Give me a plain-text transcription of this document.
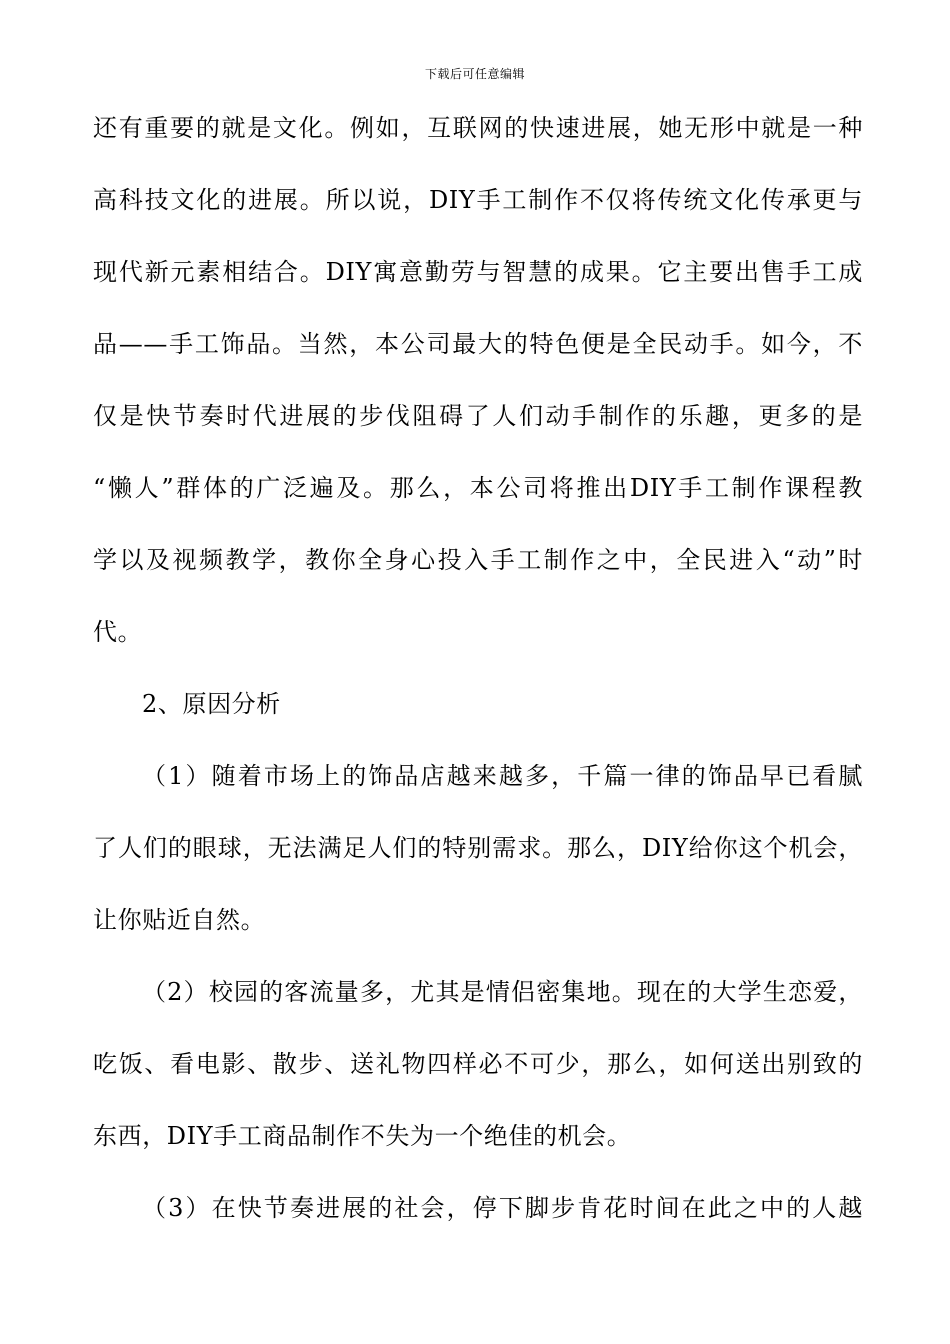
下载后可任意编辑
还有重要的就是文化。例如，互联网的快速进展，她无形中就是一种
高科技文化的进展。所以说，DIY手工制作不仅将传统文化传承更与
现代新元素相结合。DIY寓意勤劳与智慧的成果。它主要出售手工成
品——手工饰品。当然，本公司最大的特色便是全民动手。如今，不
仅是快节奏时代进展的步伐阻碍了人们动手制作的乐趣，更多的是
“懒人”群体的广泛遍及。那么，本公司将推出DIY手工制作课程教
学以及视频教学，教你全身心投入手工制作之中，全民进入“动”时
代。
2、原因分析
（1）随着市场上的饰品店越来越多，千篇一律的饰品早已看腻
了人们的眼球，无法满足人们的特别需求。那么，DIY给你这个机会，
让你贴近自然。
（2）校园的客流量多，尤其是情侣密集地。现在的大学生恋爱，
吃饭、看电影、散步、送礼物四样必不可少，那么，如何送出别致的
东西，DIY手工商品制作不失为一个绝佳的机会。
（3）在快节奏进展的社会，停下脚步肯花时间在此之中的人越
